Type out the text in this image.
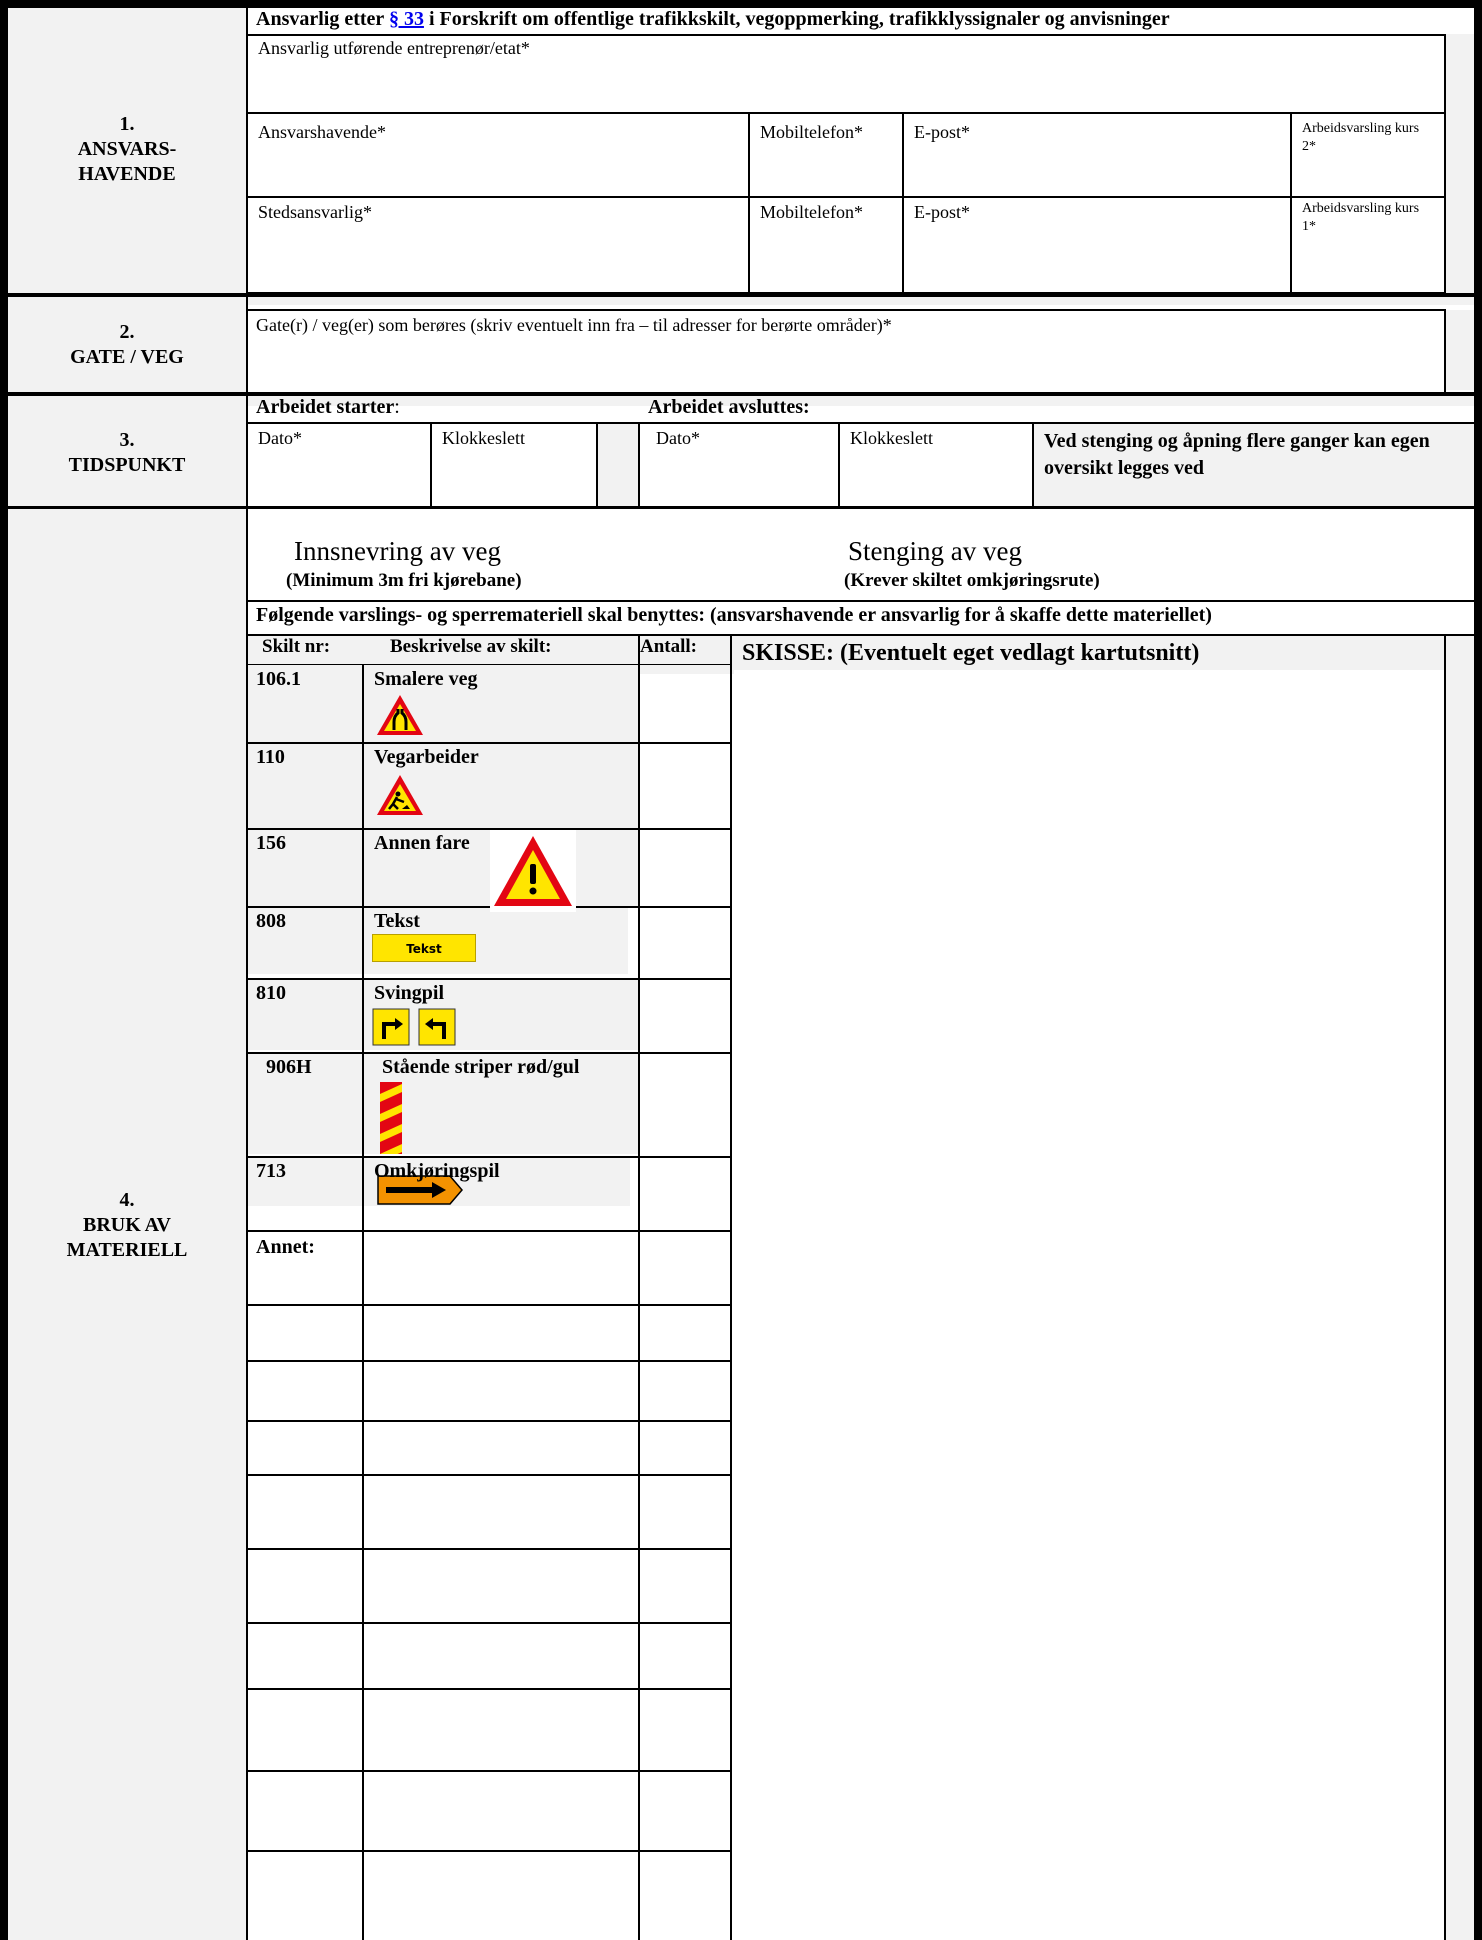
1.
ANSVARS-
HAVENDE
Ansvarlig etter § 33 i Forskrift om offentlige trafikkskilt, vegoppmerking, trafikklyssignaler og anvisninger
Ansvarlig utførende entreprenør/etat*
Ansvarshavende*	Mobiltelefon*	E-post*	Arbeidsvarsling kurs 2*
Stedsansvarlig*	Mobiltelefon*	E-post*	Arbeidsvarsling kurs 1*
2.
GATE / VEG
Gate(r) / veg(er) som berøres (skriv eventuelt inn fra – til adresser for berørte områder)*
3.
TIDSPUNKT
Arbeidet starter:	Arbeidet avsluttes:
Dato*	Klokkeslett	Dato*	Klokkeslett	Ved stenging og åpning flere ganger kan egen oversikt legges ved
4.
BRUK AV
MATERIELL
Innsnevring av veg
(Minimum 3m fri kjørebane)
Stenging av veg
(Krever skiltet omkjøringsrute)
Følgende varslings- og sperremateriell skal benyttes: (ansvarshavende er ansvarlig for å skaffe dette materiellet)
Skilt nr:	Beskrivelse av skilt:	Antall: SKISSE: (Eventuelt eget vedlagt kartutsnitt)
106.1	Smalere veg
110	Vegarbeider
156	Annen fare
808	Tekst
Tekst
810	Svingpil
906H	Stående striper rød/gul
713	Omkjøringspil
Annet:
